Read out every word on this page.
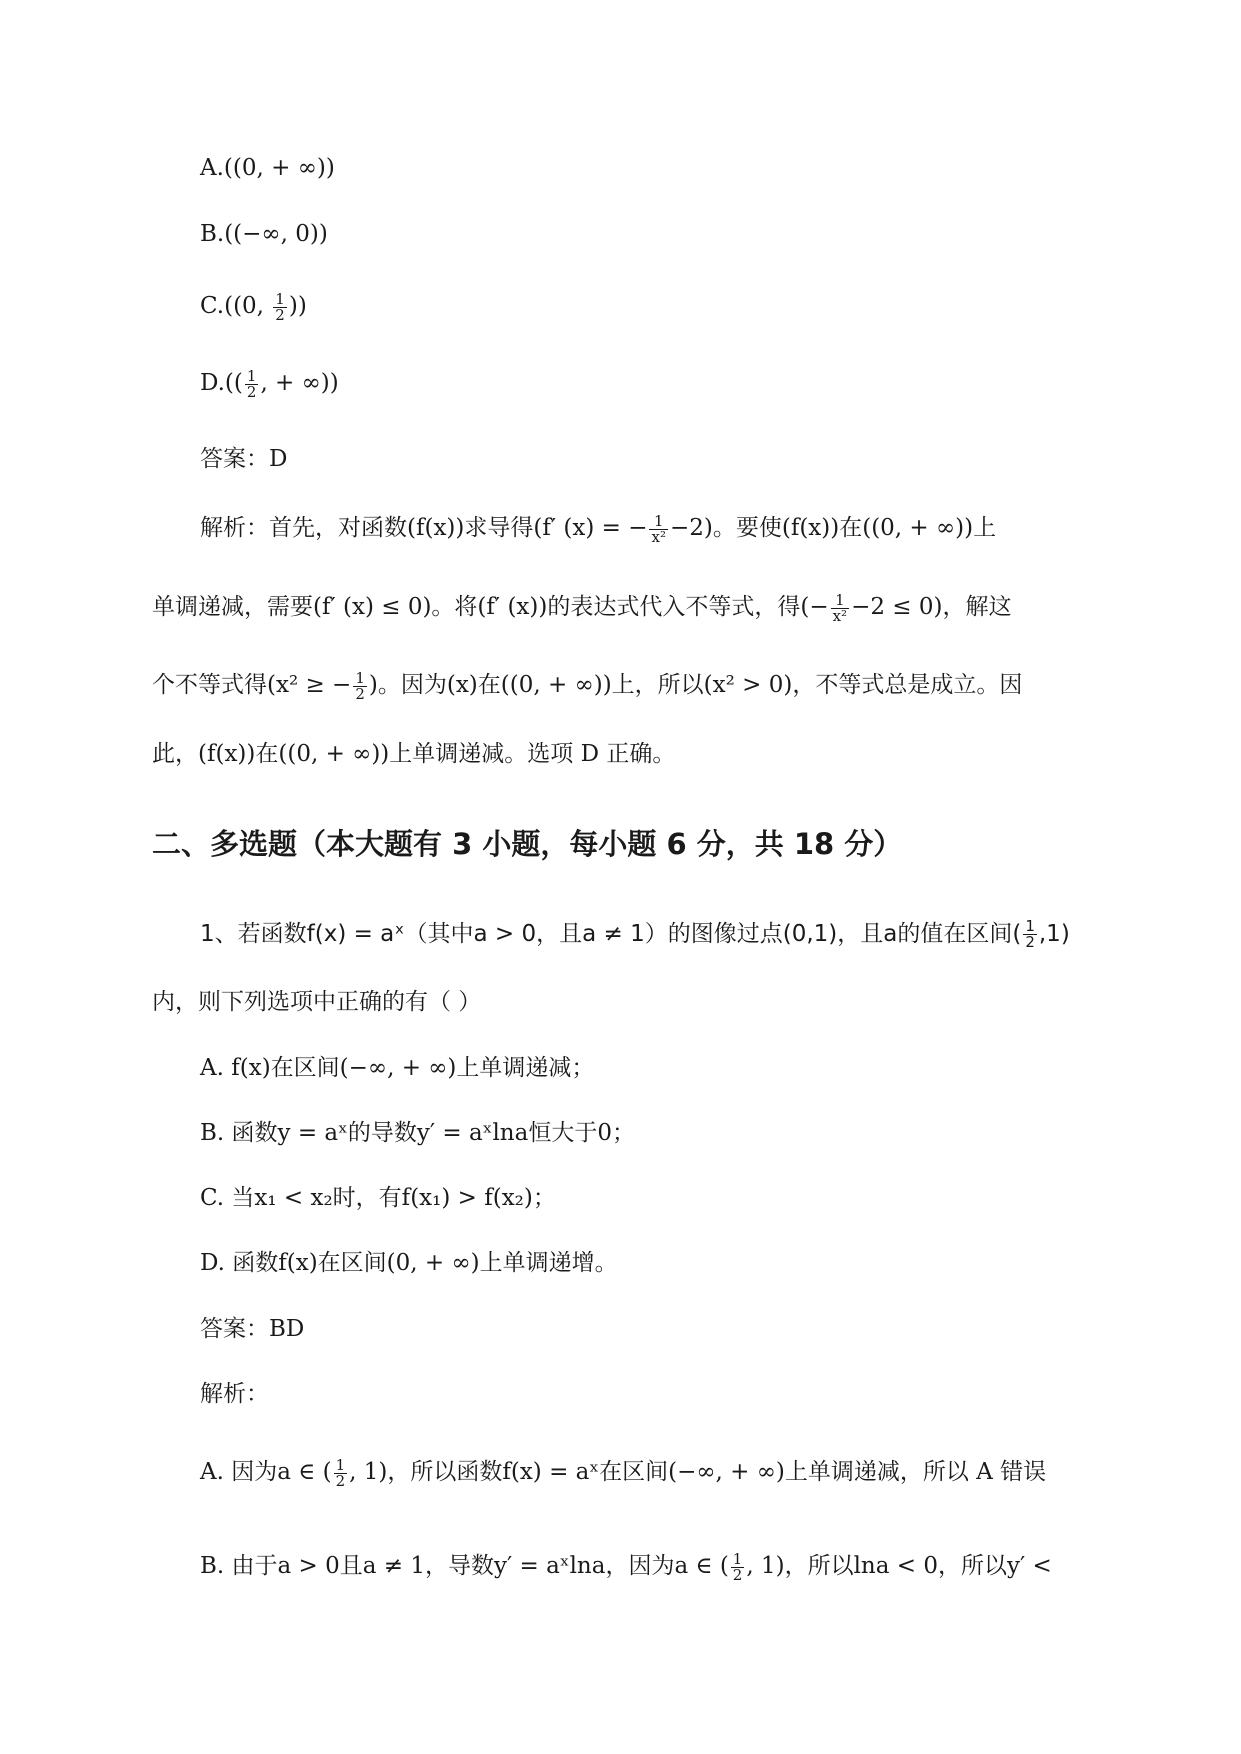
A.((0, + ∞))
B.((−∞, 0))
C.((0, $\frac{1}{2}$ ))
$D.(( \frac{1}{2}$ , + ∞))
答案：D
解析：首先，对函数(f(x))求导得(f′ (x) = − $\frac{1}{\text{x²}} -2$)。要使(f(x))在((0, + ∞))上
单调递减，需要(f′ (x) ≤ 0)。将(f′ (x))的表达式代入不等式，得(− $\frac{1}{\text{x²}} -2 \le 0$)，解这
个不等式得(x² ≥ − $\frac{1}{2}$ )。因为(x)在((0, + ∞))上，所以(x² > 0)，不等式总是成立。因
此，(f(x))在((0, + ∞))上单调递减。选项 D 正确。
二、多选题（本大题有 3 小题，每小题 6 分，共 18 分）
1、若函数f(x) = aˣ（其中a > 0，且a ≠ 1）的图像过点(0,1)，且a的值在区间( $\frac{1}{2} ,1$)
内，则下列选项中正确的有（ ）
A. f(x)在区间(−∞, + ∞)上单调递减；
B. 函数y = aˣ的导数y′ = aˣlna恒大于0；
C. 当x₁ < x₂时，有f(x₁) > f(x₂)；
D. 函数f(x)在区间(0, + ∞)上单调递增。
答案：BD
解析：
A. 因为a ∈ ( $\frac{1}{2}$ , 1)，所以函数f(x) = aˣ在区间(−∞, + ∞)上单调递减，所以 A 错误
B. 由于a > 0且a ≠ 1，导数y′ = aˣlna，因为a ∈ ( $\frac{1}{2}$ , 1)，所以lna < 0，所以y′ <
